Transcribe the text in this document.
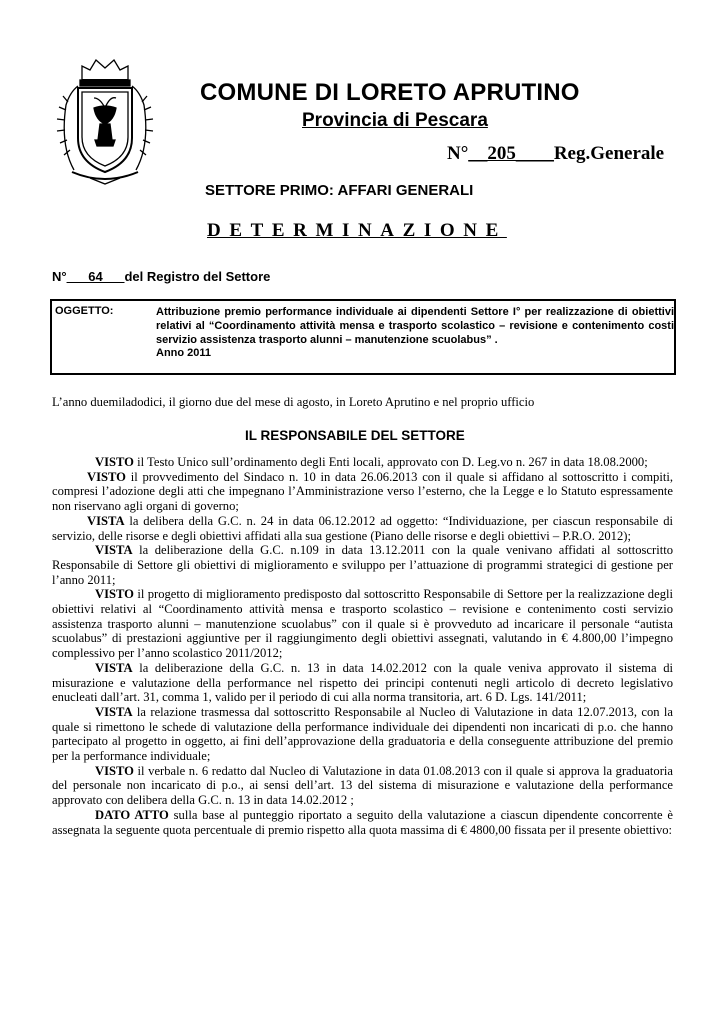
COMUNE DI LORETO APRUTINO
Provincia di Pescara
N°__205____Reg.Generale
SETTORE PRIMO: AFFARI GENERALI
DETERMINAZIONE
N°___64___del Registro del Settore
OGGETTO:	Attribuzione premio performance individuale ai dipendenti Settore I° per realizzazione di obiettivi relativi al “Coordinamento attività mensa e trasporto scolastico – revisione e contenimento costi servizio assistenza trasporto alunni – manutenzione scuolabus” .
Anno 2011
L’anno duemiladodici, il giorno due del mese di agosto, in Loreto Aprutino e nel proprio ufficio
IL RESPONSABILE DEL SETTORE

VISTO il Testo Unico sull’ordinamento degli Enti locali, approvato con D. Leg.vo n. 267 in data 18.08.2000;

VISTO il provvedimento del Sindaco n. 10 in data 26.06.2013 con il quale si affidano al sottoscritto i compiti, compresi l’adozione degli atti che impegnano l’Amministrazione verso l’esterno, che la Legge e lo Statuto espressamente non riservano agli organi di governo;

VISTA la delibera della G.C. n. 24 in data 06.12.2012 ad oggetto: “Individuazione, per ciascun responsabile di servizio, delle risorse e degli obiettivi affidati alla sua gestione (Piano delle risorse e degli obiettivi – P.R.O. 2012);

VISTA la deliberazione della G.C. n.109 in data 13.12.2011 con la quale venivano affidati al sottoscritto Responsabile di Settore gli obiettivi di miglioramento e sviluppo per l’attuazione di programmi strategici di gestione per l’anno 2011;

VISTO il progetto di miglioramento predisposto dal sottoscritto Responsabile di Settore per la realizzazione degli obiettivi relativi al “Coordinamento attività mensa e trasporto scolastico – revisione e contenimento costi servizio assistenza trasporto alunni – manutenzione scuolabus” con il quale si è provveduto ad incaricare il personale “autista scuolabus” di prestazioni aggiuntive per il raggiungimento degli obiettivi assegnati, valutando in € 4.800,00 l’impegno complessivo per l’anno scolastico 2011/2012;

VISTA la deliberazione della G.C. n. 13 in data 14.02.2012 con la quale veniva approvato il sistema di misurazione e valutazione della performance nel rispetto dei principi contenuti negli articolo di decreto legislativo enucleati dall’art. 31, comma 1, valido per il periodo di cui alla norma transitoria, art. 6 D. Lgs. 141/2011;

VISTA la relazione trasmessa dal sottoscritto Responsabile al Nucleo di Valutazione in data 12.07.2013, con la quale si rimettono le schede di valutazione della performance individuale dei dipendenti non incaricati di p.o. che hanno partecipato al progetto in oggetto, ai fini dell’approvazione della graduatoria e della conseguente attribuzione del premio per la performance individuale;

VISTO il verbale n. 6 redatto dal Nucleo di Valutazione in data 01.08.2013 con il quale si approva la graduatoria del personale non incaricato di p.o., ai sensi dell’art. 13 del sistema di misurazione e valutazione della performance approvato con delibera della G.C. n. 13 in data 14.02.2012 ;

DATO ATTO sulla base al punteggio riportato a seguito della valutazione a ciascun dipendente concorrente è assegnata la seguente quota percentuale di premio rispetto alla quota massima di € 4800,00 fissata per il presente obiettivo:
